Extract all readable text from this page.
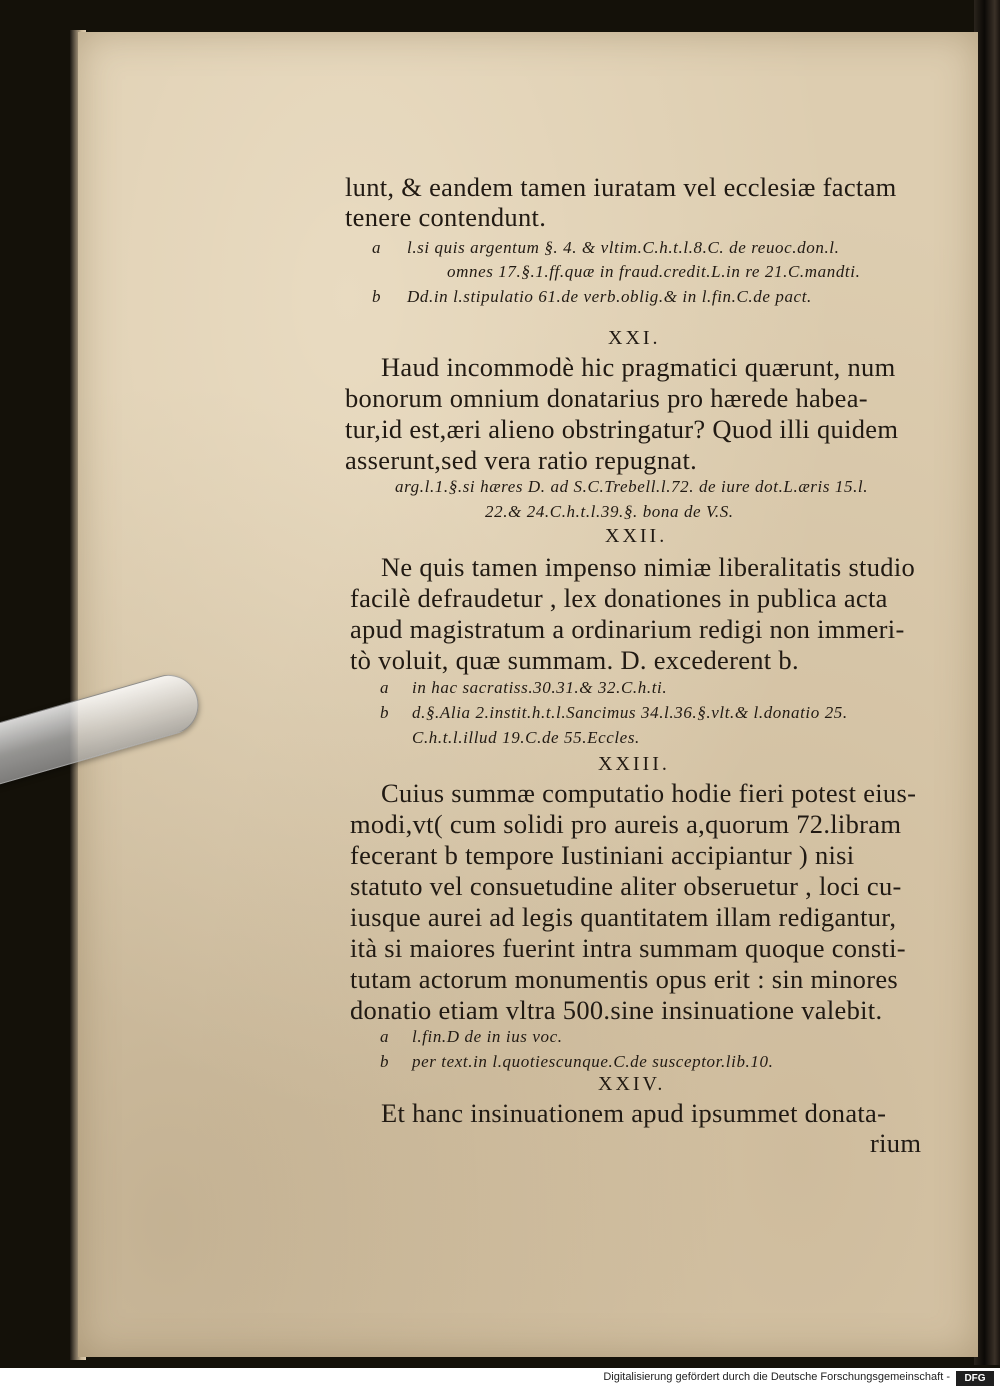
lunt, & eandem tamen iuratam vel ecclesiæ factam
tenere contendunt.
a l.si quis argentum §. 4. & vltim.C.h.t.l.8.C. de reuoc.don.l.
omnes 17.§.1.ff.quæ in fraud.credit.L.in re 21.C.mandti.
b Dd.in l.stipulatio 61.de verb.oblig.& in l.fin.C.de pact.
XXI.
Haud incommodè hic pragmatici quærunt, num
bonorum omnium donatarius pro hærede habea-
tur,id est,æri alieno obstringatur? Quod illi quidem
asserunt,sed vera ratio repugnat.
arg.l.1.§.si hæres D. ad S.C.Trebell.l.72. de iure dot.L.æris 15.l.
22.& 24.C.h.t.l.39.§. bona de V.S.
XXII.
Ne quis tamen impenso nimiæ liberalitatis studio
facilè defraudetur , lex donationes in publica acta
apud magistratum a ordinarium redigi non immeri-
tò voluit, quæ summam. D. excederent b.
a in hac sacratiss.30.31.& 32.C.h.ti.
b d.§.Alia 2.instit.h.t.l.Sancimus 34.l.36.§.vlt.& l.donatio 25.
C.h.t.l.illud 19.C.de 55.Eccles.
XXIII.
Cuius summæ computatio hodie fieri potest eius-
modi,vt( cum solidi pro aureis a,quorum 72.libram
fecerant b tempore Iustiniani accipiantur ) nisi
statuto vel consuetudine aliter obseruetur , loci cu-
iusque aurei ad legis quantitatem illam redigantur,
ità si maiores fuerint intra summam quoque consti-
tutam actorum monumentis opus erit : sin minores
donatio etiam vltra 500.sine insinuatione valebit.
a l.fin.D de in ius voc.
b per text.in l.quotiescunque.C.de susceptor.lib.10.
XXIV.
Et hanc insinuationem apud ipsummet donata-
rium
Digitalisierung gefördert durch die Deutsche Forschungsgemeinschaft -	DFG
